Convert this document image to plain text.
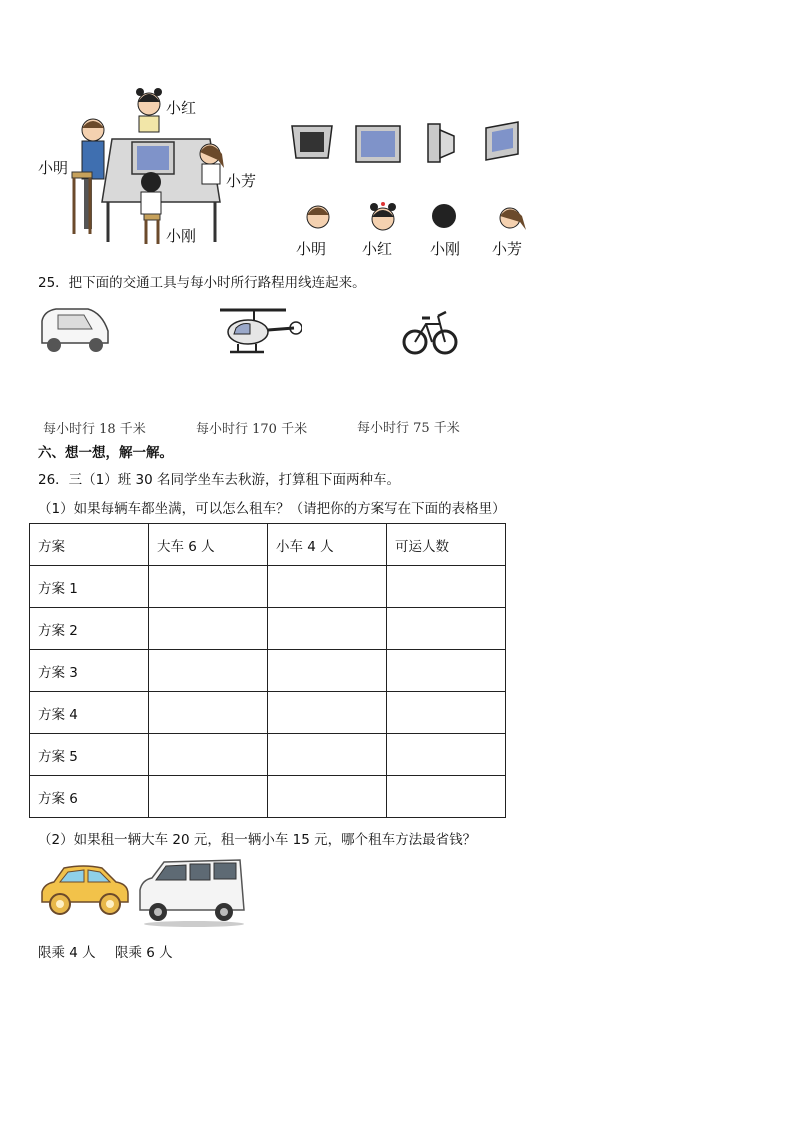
小红
小明
小芳
小刚
小明 小红	小刚 小芳
25．把下面的交通工具与每小时所行路程用线连起来。
每小时行 18 千米	每小时行 170 千米	每小时行 75 千米
六、想一想，解一解。
26．三（1）班 30 名同学坐车去秋游，打算租下面两种车。
（1）如果每辆车都坐满，可以怎么租车？（请把你的方案写在下面的表格里）
方案	大车 6 人	小车 4 人	可运人数
方案 1			
方案 2			
方案 3			
方案 4			
方案 5			
方案 6			
（2）如果租一辆大车 20 元，租一辆小车 15 元，哪个租车方法最省钱？
限乘 4 人 限乘 6 人
